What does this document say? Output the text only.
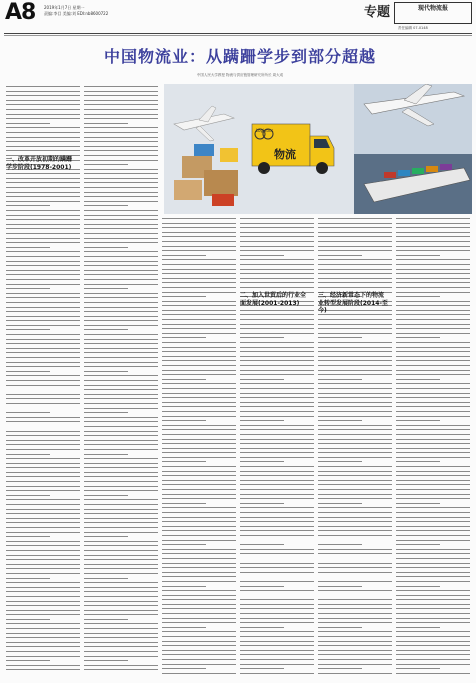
A8 2019年1月7日 星期一
责编:李目 美编:刘 EDI:nb8600722	专题	现代物流报
责任编辑 07-0148
中国物流业：从蹒跚学步到部分超越
中国人民大学教授 物流与供应链管理研究所所长 周大成
Logistics
物流
一、改革开放初期的蹒跚学步阶段(1978-2001)
二、加入世贸后的行业全面发展(2001-2013)
三、经济新常态下的物流业转型发展阶段(2014-至今)
